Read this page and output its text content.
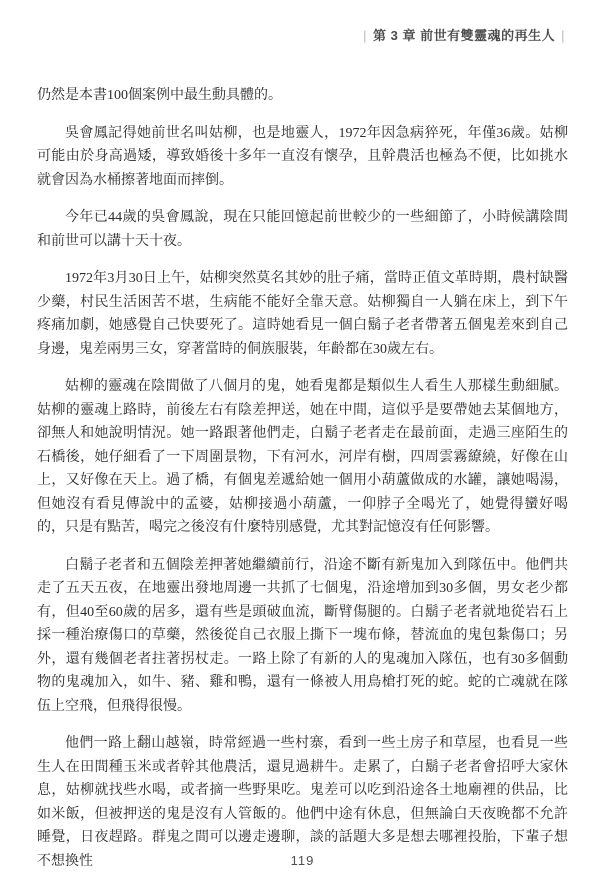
| 第 3 章 前世有雙靈魂的再生人 |

仍然是本書100個案例中最生動具體的。

吳會鳳記得她前世名叫姑柳，也是地靈人，1972年因急病猝死，年僅36歲。姑柳可能由於身高過矮，導致婚後十多年一直沒有懷孕，且幹農活也極為不便，比如挑水就會因為水桶擦著地面而摔倒。

今年已44歲的吳會鳳說，現在只能回憶起前世較少的一些細節了，小時候講陰間和前世可以講十天十夜。

1972年3月30日上午，姑柳突然莫名其妙的肚子痛，當時正值文革時期，農村缺醫少藥，村民生活困苦不堪，生病能不能好全靠天意。姑柳獨自一人躺在床上，到下午疼痛加劇，她感覺自己快要死了。這時她看見一個白鬍子老者帶著五個鬼差來到自己身邊，鬼差兩男三女，穿著當時的侗族服裝，年齡都在30歲左右。

姑柳的靈魂在陰間做了八個月的鬼，她看鬼都是類似生人看生人那樣生動細膩。姑柳的靈魂上路時，前後左右有陰差押送，她在中間，這似乎是要帶她去某個地方，卻無人和她說明情況。她一路跟著他們走，白鬍子老者走在最前面，走過三座陌生的石橋後，她仔細看了一下周圍景物，下有河水，河岸有樹，四周雲霧繚繞，好像在山上，又好像在天上。過了橋，有個鬼差遞給她一個用小葫蘆做成的水罐，讓她喝湯，但她沒有看見傳說中的孟婆，姑柳接過小葫蘆，一仰脖子全喝光了，她覺得蠻好喝的，只是有點苦，喝完之後沒有什麼特別感覺，尤其對記憶沒有任何影響。

白鬍子老者和五個陰差押著她繼續前行，沿途不斷有新鬼加入到隊伍中。他們共走了五天五夜，在地靈出發地周邊一共抓了七個鬼，沿途增加到30多個，男女老少都有，但40至60歲的居多，還有些是頭破血流，斷臂傷腿的。白鬍子老者就地從岩石上採一種治療傷口的草藥，然後從自己衣服上撕下一塊布條，替流血的鬼包紮傷口；另外，還有幾個老者拄著拐杖走。一路上除了有新的人的鬼魂加入隊伍，也有30多個動物的鬼魂加入，如牛、豬、雞和鴨，還有一條被人用鳥槍打死的蛇。蛇的亡魂就在隊伍上空飛，但飛得很慢。

他們一路上翻山越嶺，時常經過一些村寨，看到一些土房子和草屋，也看見一些生人在田間種玉米或者幹其他農活，還見過耕牛。走累了，白鬍子老者會招呼大家休息，姑柳就找些水喝，或者摘一些野果吃。鬼差可以吃到沿途各土地廟裡的供品，比如米飯，但被押送的鬼是沒有人管飯的。他們中途有休息，但無論白天夜晚都不允許睡覺，日夜趕路。群鬼之間可以邊走邊聊，談的話題大多是想去哪裡投胎，下輩子想不想換性	119
